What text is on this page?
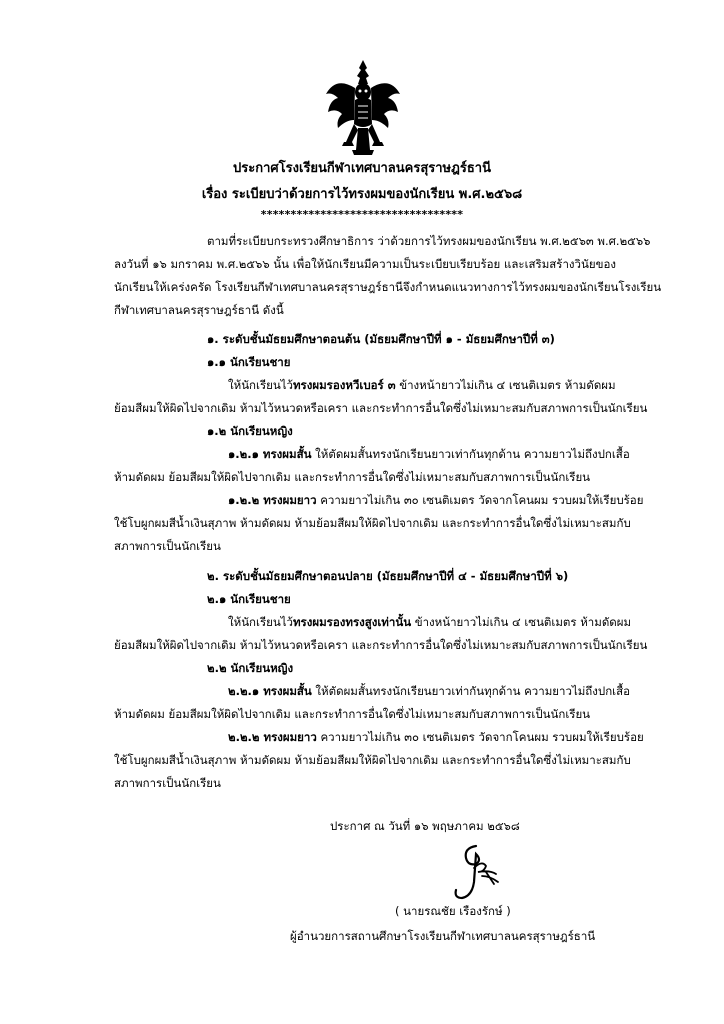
ประกาศโรงเรียนกีฬาเทศบาลนครสุราษฎร์ธานี
เรื่อง ระเบียบว่าด้วยการไว้ทรงผมของนักเรียน พ.ศ.๒๕๖๘
**********************************
ตามที่ระเบียบกระทรวงศึกษาธิการ ว่าด้วยการไว้ทรงผมของนักเรียน พ.ศ.๒๕๖๓ พ.ศ.๒๕๖๖
ลงวันที่ ๑๖ มกราคม พ.ศ.๒๕๖๖ นั้น เพื่อให้นักเรียนมีความเป็นระเบียบเรียบร้อย และเสริมสร้างวินัยของ
นักเรียนให้เคร่งครัด โรงเรียนกีฬาเทศบาลนครสุราษฎร์ธานีจึงกำหนดแนวทางการไว้ทรงผมของนักเรียนโรงเรียน
กีฬาเทศบาลนครสุราษฎร์ธานี ดังนี้
๑. ระดับชั้นมัธยมศึกษาตอนต้น (มัธยมศึกษาปีที่ ๑ - มัธยมศึกษาปีที่ ๓)
๑.๑ นักเรียนชาย
ให้นักเรียนไว้ทรงผมรองหวีเบอร์ ๓ ข้างหน้ายาวไม่เกิน ๔ เซนติเมตร ห้ามดัดผม
ย้อมสีผมให้ผิดไปจากเดิม ห้ามไว้หนวดหรือเครา และกระทำการอื่นใดซึ่งไม่เหมาะสมกับสภาพการเป็นนักเรียน
๑.๒ นักเรียนหญิง
๑.๒.๑ ทรงผมสั้น ให้ตัดผมสั้นทรงนักเรียนยาวเท่ากันทุกด้าน ความยาวไม่ถึงปกเสื้อ
ห้ามดัดผม ย้อมสีผมให้ผิดไปจากเดิม และกระทำการอื่นใดซึ่งไม่เหมาะสมกับสภาพการเป็นนักเรียน
๑.๒.๒ ทรงผมยาว ความยาวไม่เกิน ๓๐ เซนติเมตร วัดจากโคนผม รวบผมให้เรียบร้อย
ใช้โบผูกผมสีน้ำเงินสุภาพ ห้ามดัดผม ห้ามย้อมสีผมให้ผิดไปจากเดิม และกระทำการอื่นใดซึ่งไม่เหมาะสมกับ
สภาพการเป็นนักเรียน
๒. ระดับชั้นมัธยมศึกษาตอนปลาย (มัธยมศึกษาปีที่ ๔ - มัธยมศึกษาปีที่ ๖)
๒.๑ นักเรียนชาย
ให้นักเรียนไว้ทรงผมรองทรงสูงเท่านั้น ข้างหน้ายาวไม่เกิน ๔ เซนติเมตร ห้ามดัดผม
ย้อมสีผมให้ผิดไปจากเดิม ห้ามไว้หนวดหรือเครา และกระทำการอื่นใดซึ่งไม่เหมาะสมกับสภาพการเป็นนักเรียน
๒.๒ นักเรียนหญิง
๒.๒.๑ ทรงผมสั้น ให้ตัดผมสั้นทรงนักเรียนยาวเท่ากันทุกด้าน ความยาวไม่ถึงปกเสื้อ
ห้ามดัดผม ย้อมสีผมให้ผิดไปจากเดิม และกระทำการอื่นใดซึ่งไม่เหมาะสมกับสภาพการเป็นนักเรียน
๒.๒.๒ ทรงผมยาว ความยาวไม่เกิน ๓๐ เซนติเมตร วัดจากโคนผม รวบผมให้เรียบร้อย
ใช้โบผูกผมสีน้ำเงินสุภาพ ห้ามดัดผม ห้ามย้อมสีผมให้ผิดไปจากเดิม และกระทำการอื่นใดซึ่งไม่เหมาะสมกับ
สภาพการเป็นนักเรียน
ประกาศ ณ วันที่ ๑๖ พฤษภาคม ๒๕๖๘
( นายรณชัย เรืองรักษ์ )
ผู้อำนวยการสถานศึกษาโรงเรียนกีฬาเทศบาลนครสุราษฎร์ธานี
